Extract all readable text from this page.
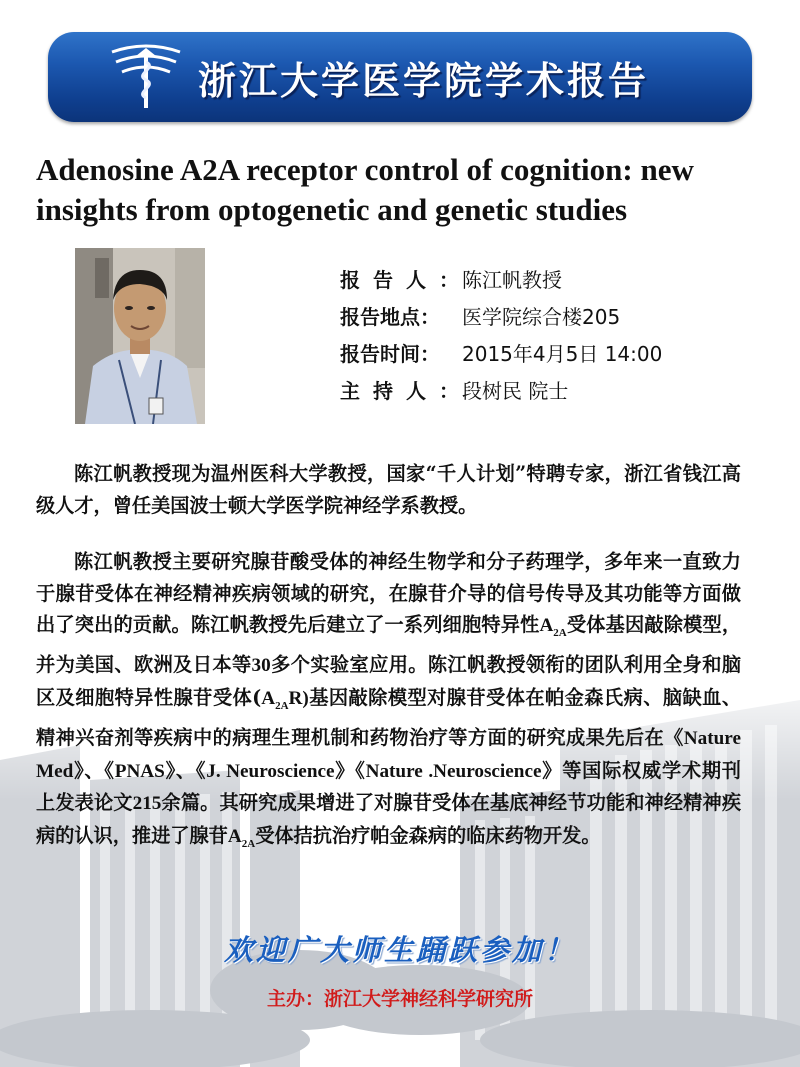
浙江大学医学院学术报告
Adenosine A2A receptor control of cognition: new insights from optogenetic and genetic studies
报告人：陈江帆教授
报告地点： 医学院综合楼205
报告时间： 2015年4月5日 14:00
主持人：段树民 院士

陈江帆教授现为温州医科大学教授，国家“千人计划”特聘专家，浙江省钱江高级人才，曾任美国波士顿大学医学院神经学系教授。

陈江帆教授主要研究腺苷酸受体的神经生物学和分子药理学，多年来一直致力于腺苷受体在神经精神疾病领域的研究，在腺苷介导的信号传导及其功能等方面做出了突出的贡献。陈江帆教授先后建立了一系列细胞特异性$A_{2A}$受体基因敲除模型，并为美国、欧洲及日本等30多个实验室应用。陈江帆教授领衔的团队利用全身和脑区及细胞特异性腺苷受体$(A_{2A}R)$基因敲除模型对腺苷受体在帕金森氏病、脑缺血、精神兴奋剂等疾病中的病理生理机制和药物治疗等方面的研究成果先后在《Nature Med》、《PNAS》、《J. Neuroscience》《Nature .Neuroscience》等国际权威学术期刊上发表论文215余篇。其研究成果增进了对腺苷受体在基底神经节功能和神经精神疾病的认识，推进了腺苷$A_{2A}$受体拮抗治疗帕金森病的临床药物开发。

欢迎广大师生踊跃参加！
主办：浙江大学神经科学研究所
